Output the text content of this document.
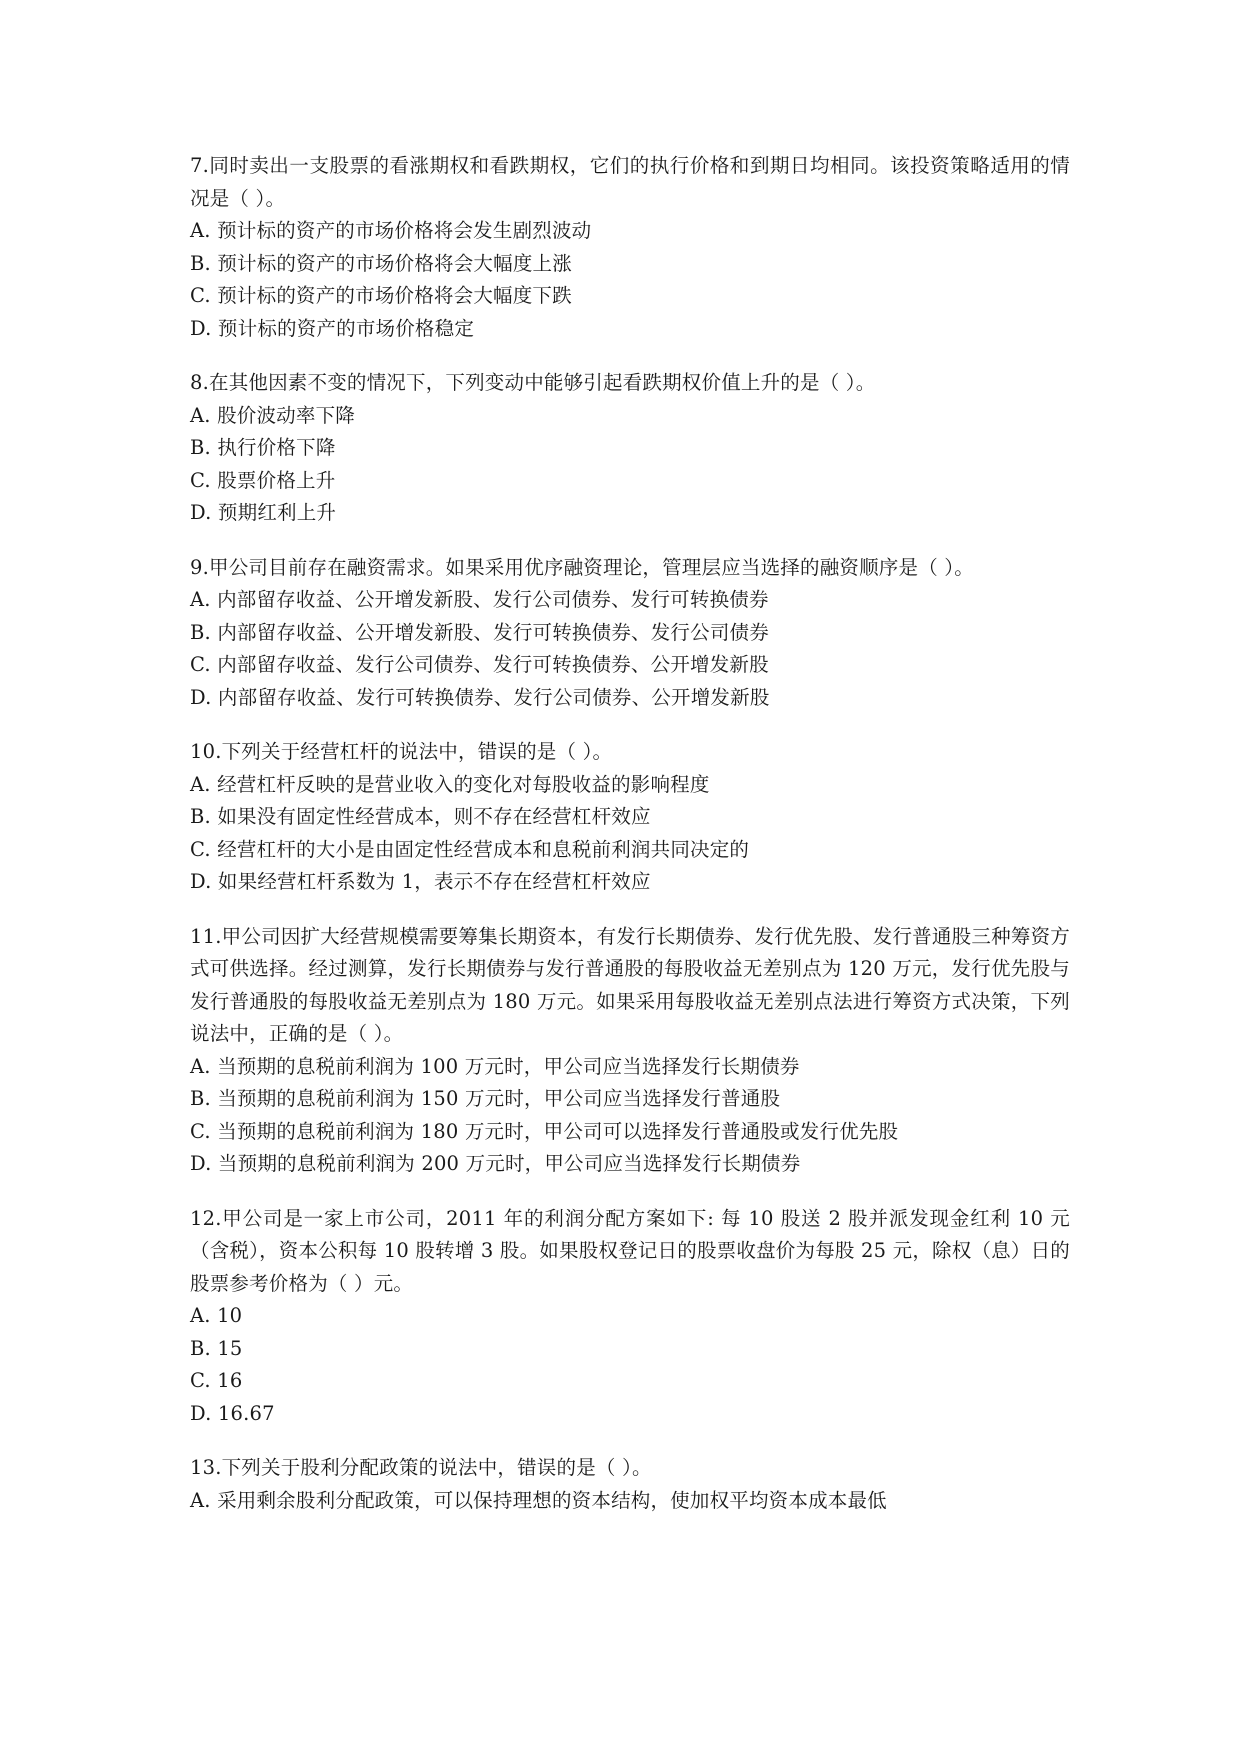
7.同时卖出一支股票的看涨期权和看跌期权，它们的执行价格和到期日均相同。该投资策略适用的情况是（ ）。

A. 预计标的资产的市场价格将会发生剧烈波动

B. 预计标的资产的市场价格将会大幅度上涨

C. 预计标的资产的市场价格将会大幅度下跌

D. 预计标的资产的市场价格稳定

8.在其他因素不变的情况下，下列变动中能够引起看跌期权价值上升的是（ ）。

A. 股价波动率下降

B. 执行价格下降

C. 股票价格上升

D. 预期红利上升

9.甲公司目前存在融资需求。如果采用优序融资理论，管理层应当选择的融资顺序是（ ）。

A. 内部留存收益、公开增发新股、发行公司债券、发行可转换债券

B. 内部留存收益、公开增发新股、发行可转换债券、发行公司债券

C. 内部留存收益、发行公司债券、发行可转换债券、公开增发新股

D. 内部留存收益、发行可转换债券、发行公司债券、公开增发新股

10.下列关于经营杠杆的说法中，错误的是（ ）。

A. 经营杠杆反映的是营业收入的变化对每股收益的影响程度

B. 如果没有固定性经营成本，则不存在经营杠杆效应

C. 经营杠杆的大小是由固定性经营成本和息税前利润共同决定的

D. 如果经营杠杆系数为 1，表示不存在经营杠杆效应

11.甲公司因扩大经营规模需要筹集长期资本，有发行长期债券、发行优先股、发行普通股三种筹资方式可供选择。经过测算，发行长期债券与发行普通股的每股收益无差别点为 120 万元，发行优先股与发行普通股的每股收益无差别点为 180 万元。如果采用每股收益无差别点法进行筹资方式决策，下列说法中，正确的是（ ）。

A. 当预期的息税前利润为 100 万元时，甲公司应当选择发行长期债券

B. 当预期的息税前利润为 150 万元时，甲公司应当选择发行普通股

C. 当预期的息税前利润为 180 万元时，甲公司可以选择发行普通股或发行优先股

D. 当预期的息税前利润为 200 万元时，甲公司应当选择发行长期债券

12.甲公司是一家上市公司，2011 年的利润分配方案如下: 每 10 股送 2 股并派发现金红利 10 元（含税），资本公积每 10 股转增 3 股。如果股权登记日的股票收盘价为每股 25 元，除权（息）日的股票参考价格为（ ）元。

A. 10

B. 15

C. 16

D. 16.67

13.下列关于股利分配政策的说法中，错误的是（ ）。

A. 采用剩余股利分配政策，可以保持理想的资本结构，使加权平均资本成本最低
